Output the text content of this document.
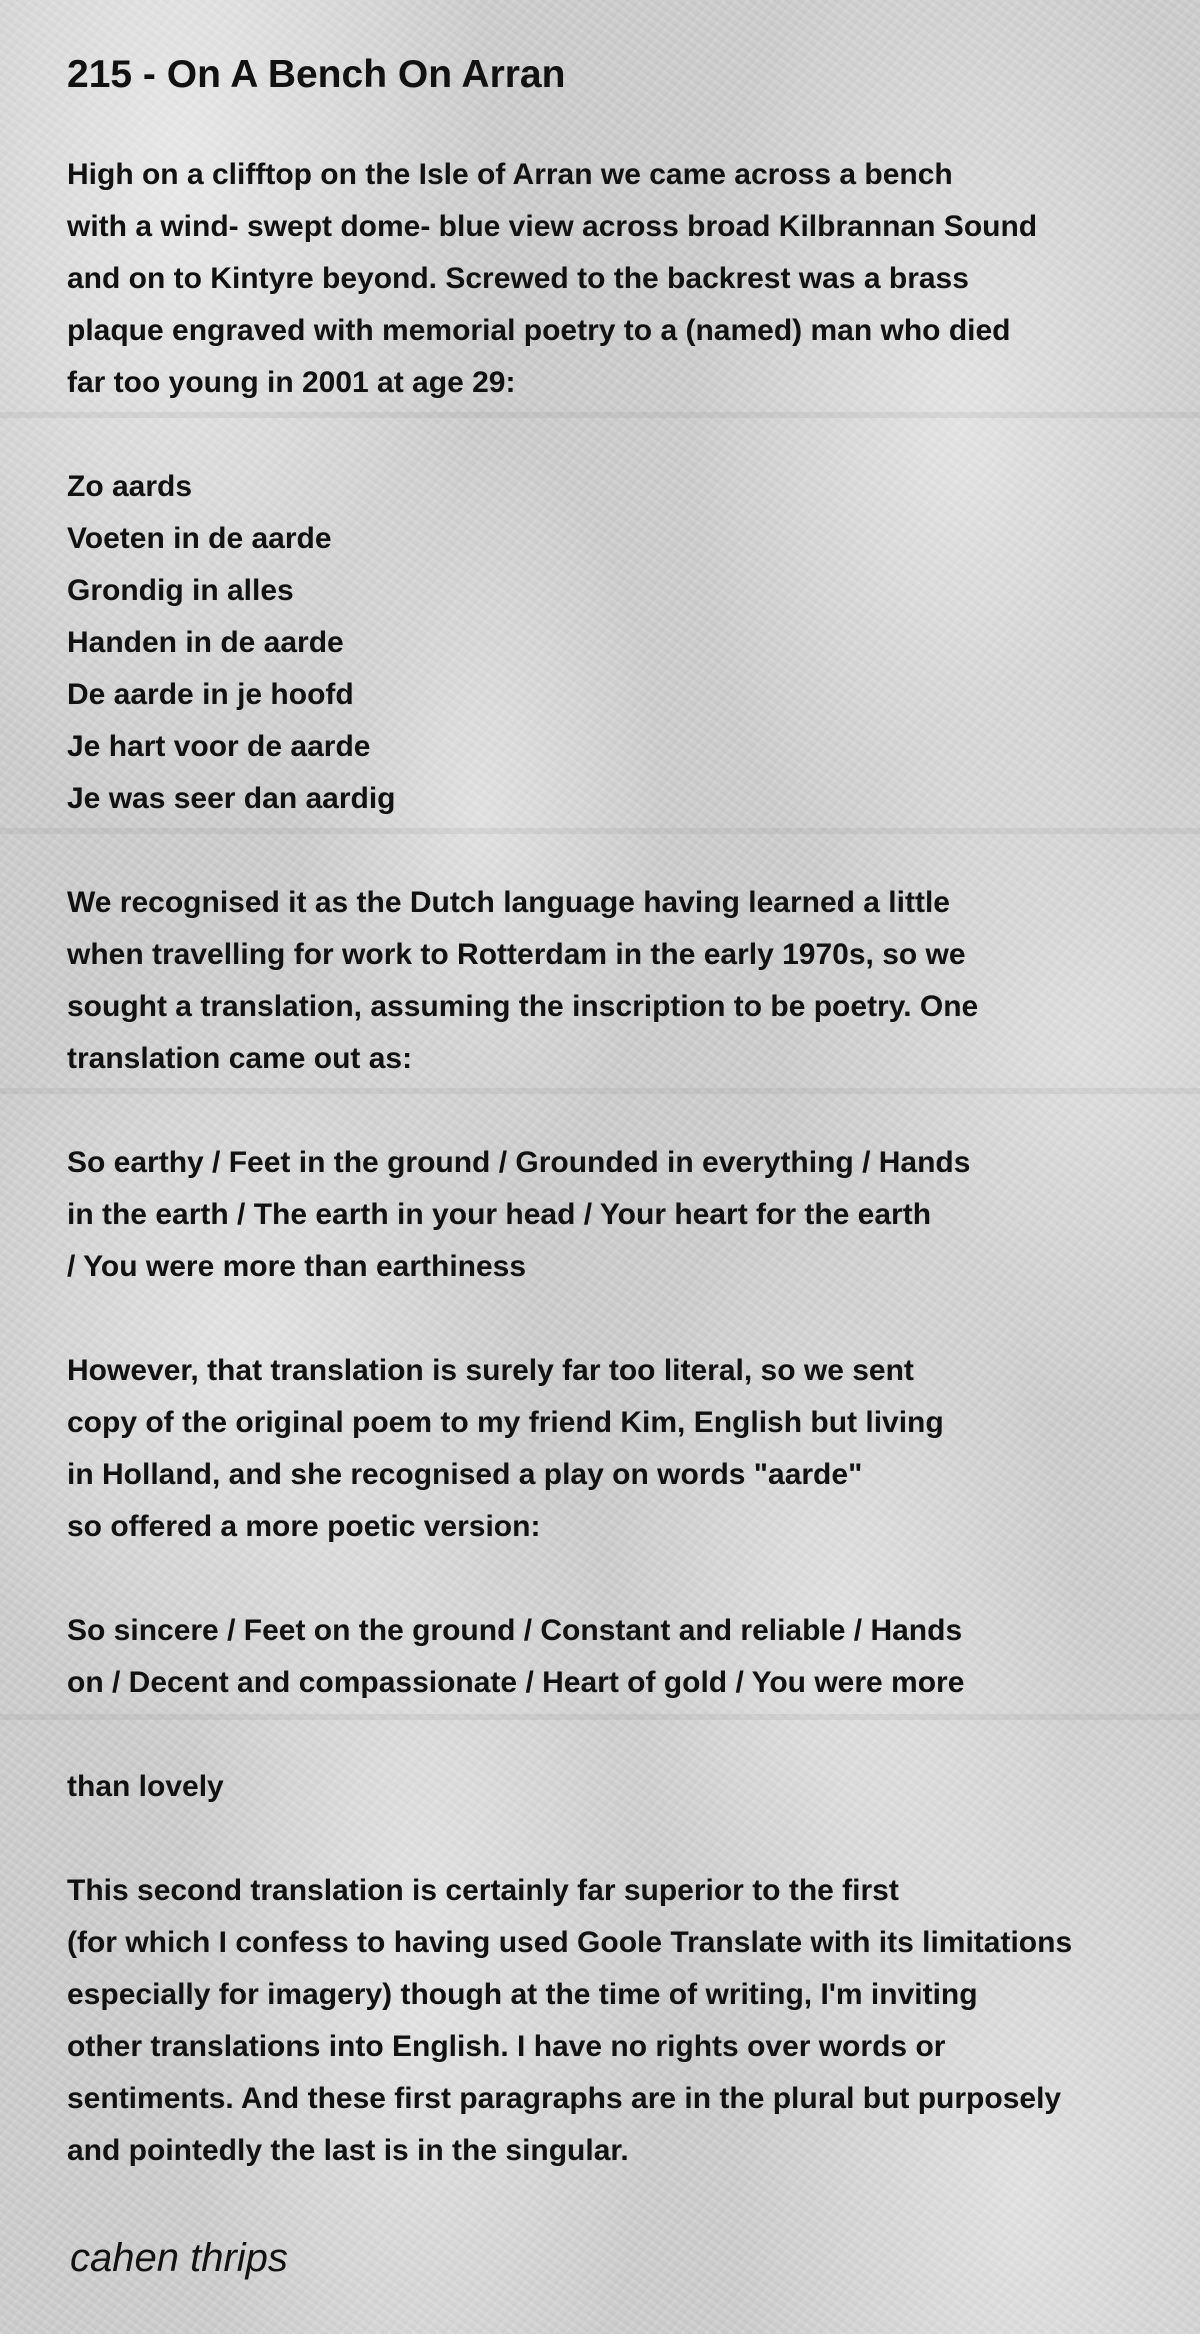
215 - On A Bench On Arran
High on a clifftop on the Isle of Arran we came across a bench
with a wind- swept dome- blue view across broad Kilbrannan Sound
and on to Kintyre beyond. Screwed to the backrest was a brass
plaque engraved with memorial poetry to a (named) man who died
far too young in 2001 at age 29:
Zo aards
Voeten in de aarde
Grondig in alles
Handen in de aarde
De aarde in je hoofd
Je hart voor de aarde
Je was seer dan aardig
We recognised it as the Dutch language having learned a little
when travelling for work to Rotterdam in the early 1970s, so we
sought a translation, assuming the inscription to be poetry. One
translation came out as:
So earthy / Feet in the ground / Grounded in everything / Hands
in the earth / The earth in your head / Your heart for the earth
/ You were more than earthiness
However, that translation is surely far too literal, so we sent
copy of the original poem to my friend Kim, English but living
in Holland, and she recognised a play on words "aarde"
so offered a more poetic version:
So sincere / Feet on the ground / Constant and reliable / Hands
on / Decent and compassionate / Heart of gold / You were more
than lovely
This second translation is certainly far superior to the first
(for which I confess to having used Goole Translate with its limitations
especially for imagery) though at the time of writing, I'm inviting
other translations into English. I have no rights over words or
sentiments. And these first paragraphs are in the plural but purposely
and pointedly the last is in the singular.
cahen thrips
